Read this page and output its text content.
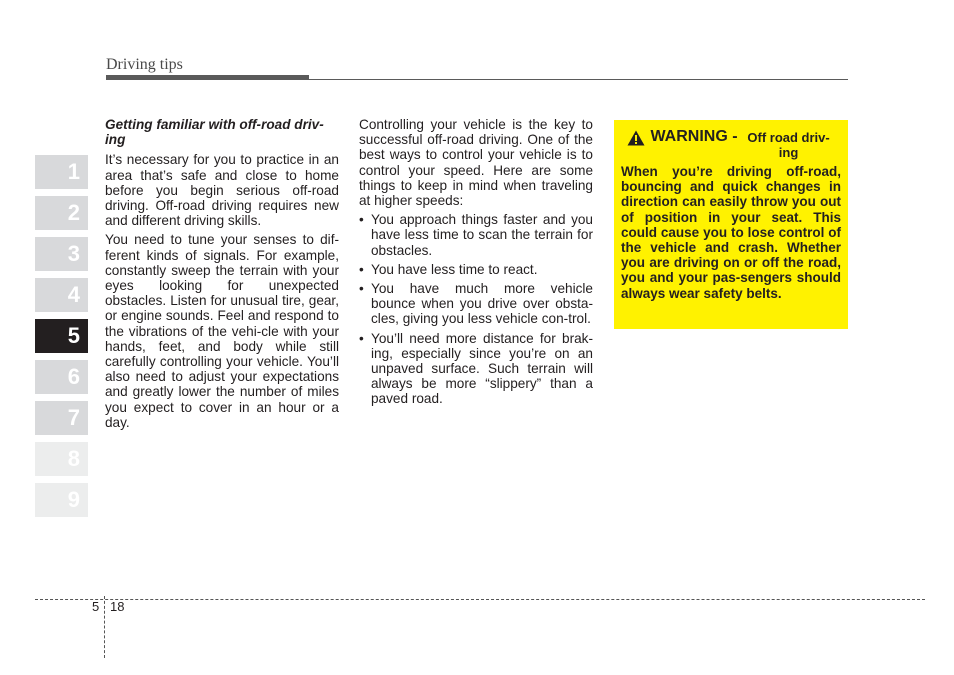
Driving tips
1
2
3
4
5
6
7
8
9
Getting familiar with off-road driv-ing

It’s necessary for you to practice in an area that’s safe and close to home before you begin serious off-road driving. Off-road driving requires new and different driving skills.

You need to tune your senses to dif-ferent kinds of signals. For example, constantly sweep the terrain with your eyes looking for unexpected obstacles. Listen for unusual tire, gear, or engine sounds. Feel and respond to the vibrations of the vehi-cle with your hands, feet, and body while still carefully controlling your vehicle. You’ll also need to adjust your expectations and greatly lower the number of miles you expect to cover in an hour or a day.

Controlling your vehicle is the key to successful off-road driving. One of the best ways to control your vehicle is to control your speed. Here are some things to keep in mind when traveling at higher speeds:

• You approach things faster and you have less time to scan the terrain for obstacles.
• You have less time to react.
• You have much more vehicle bounce when you drive over obsta-cles, giving you less vehicle con-trol.
• You’ll need more distance for brak-ing, especially since you’re on an unpaved surface. Such terrain will always be more “slippery” than a paved road.
WARNING - Off road driv-ing
When you’re driving off-road, bouncing and quick changes in direction can easily throw you out of position in your seat. This could cause you to lose control of the vehicle and crash. Whether you are driving on or off the road, you and your pas-sengers should always wear safety belts.
5 18
